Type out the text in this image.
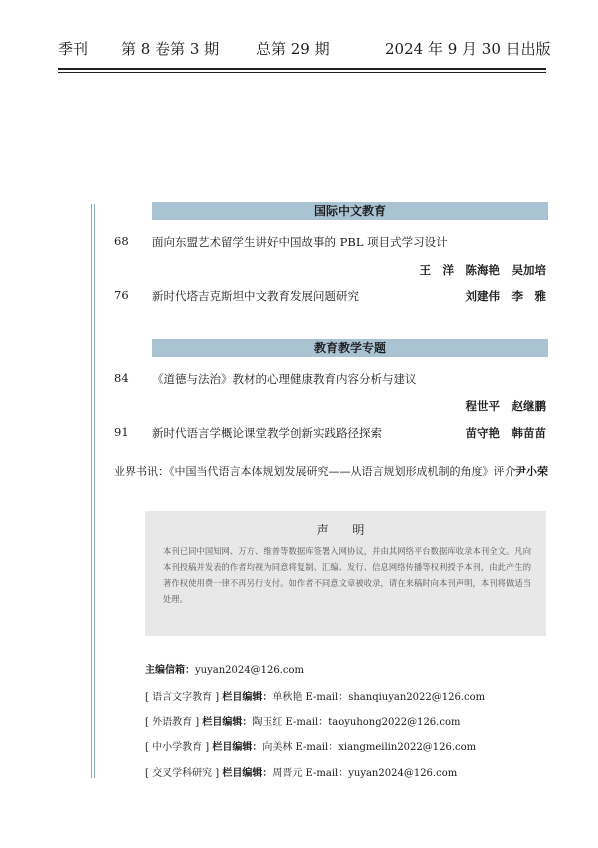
季刊 第 8 卷第 3 期 总第 29 期	2024 年 9 月 30 日出版
国际中文教育
68 面向东盟艺术留学生讲好中国故事的 PBL 项目式学习设计
王　洋　陈海艳　吴加培
76 新时代塔吉克斯坦中文教育发展问题研究	刘建伟　李　雅
教育教学专题
84 《道德与法治》教材的心理健康教育内容分析与建议
程世平　赵继鹏
91 新时代语言学概论课堂教学创新实践路径探索	苗守艳　韩苗苗
业界书讯：《中国当代语言本体规划发展研究——从语言规划形成机制的角度》评介 尹小荣
声 明

本刊已同中国知网、万方、维普等数据库签署入网协议，并由其网络平台数据库收录本刊全文。凡向本刊投稿并发表的作者均视为同意将复制、汇编、发行、信息网络传播等权利授予本刊，由此产生的著作权使用费一律不再另行支付。如作者不同意文章被收录，请在来稿时向本刊声明，本刊将做适当处理。

主编信箱：yuyan2024@126.com
[ 语言文字教育 ] 栏目编辑：单秋艳 E-mail：shanqiuyan2022@126.com
[ 外语教育 ] 栏目编辑：陶玉红 E-mail：taoyuhong2022@126.com
[ 中小学教育 ] 栏目编辑：向美林 E-mail：xiangmeilin2022@126.com
[ 交叉学科研究 ] 栏目编辑：周晋元 E-mail：yuyan2024@126.com
